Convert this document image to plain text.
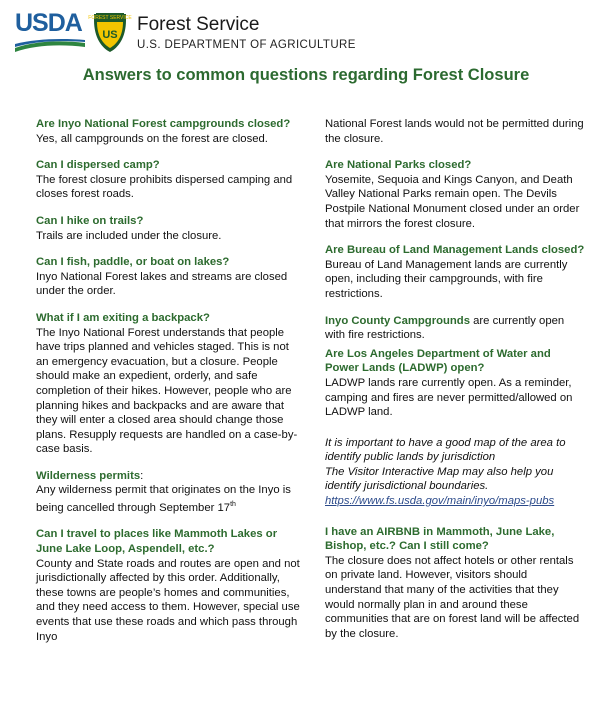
USDA FOREST SERVICE
US Forest Service
U.S. DEPARTMENT OF AGRICULTURE
Answers to common questions regarding Forest Closure
Are Inyo National Forest campgrounds closed?
Yes, all campgrounds on the forest are closed.
Can I dispersed camp?
The forest closure prohibits dispersed camping and closes forest roads.
Can I hike on trails?
Trails are included under the closure.
Can I fish, paddle, or boat on lakes?
Inyo National Forest lakes and streams are closed under the order.
What if I am exiting a backpack?
The Inyo National Forest understands that people have trips planned and vehicles staged. This is not an emergency evacuation, but a closure. People should make an expedient, orderly, and safe completion of their hikes. However, people who are planning hikes and backpacks and are aware that they will enter a closed area should change those plans. Resupply requests are handled on a case-by-case basis.
Wilderness permits:
Any wilderness permit that originates on the Inyo is being cancelled through September 17th
Can I travel to places like Mammoth Lakes or June Lake Loop, Aspendell, etc.?
County and State roads and routes are open and not jurisdictionally affected by this order. Additionally, these towns are people’s homes and communities, and they need access to them. However, special use events that use these roads and which pass through Inyo
National Forest lands would not be permitted during the closure.
Are National Parks closed?
Yosemite, Sequoia and Kings Canyon, and Death Valley National Parks remain open. The Devils Postpile National Monument closed under an order that mirrors the forest closure.
Are Bureau of Land Management Lands closed?
Bureau of Land Management lands are currently open, including their campgrounds, with fire restrictions.
Inyo County Campgrounds are currently open with fire restrictions.
Are Los Angeles Department of Water and Power Lands (LADWP) open?
LADWP lands rare currently open. As a reminder, camping and fires are never permitted/allowed on LADWP land.
It is important to have a good map of the area to identify public lands by jurisdiction
The Visitor Interactive Map may also help you identify jurisdictional boundaries.
https://www.fs.usda.gov/main/inyo/maps-pubs
I have an AIRBNB in Mammoth, June Lake, Bishop, etc.? Can I still come?
The closure does not affect hotels or other rentals on private land. However, visitors should understand that many of the activities that they would normally plan in and around these communities that are on forest land will be affected by the closure.
